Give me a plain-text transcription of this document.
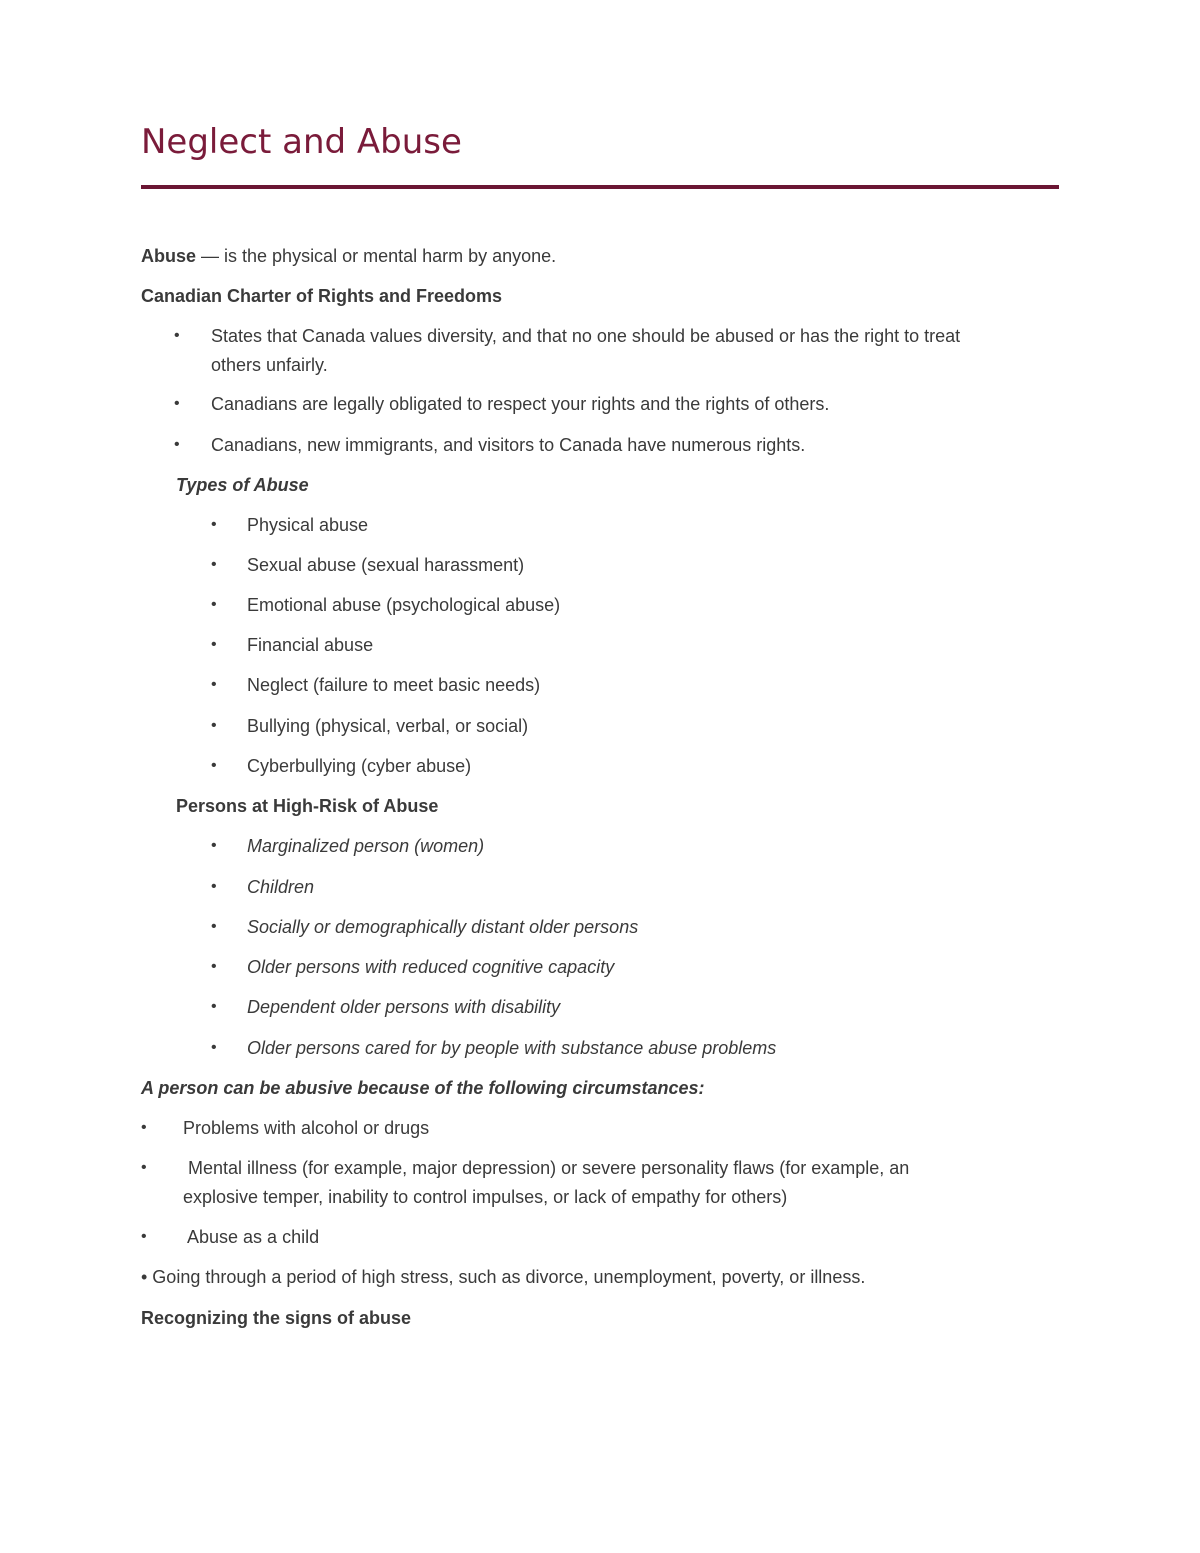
Neglect and Abuse

Abuse — is the physical or mental harm by anyone.

Canadian Charter of Rights and Freedoms

• States that Canada values diversity, and that no one should be abused or has the right to treat

others unfairly.

• Canadians are legally obligated to respect your rights and the rights of others.

• Canadians, new immigrants, and visitors to Canada have numerous rights.

Types of Abuse

• Physical abuse

• Sexual abuse (sexual harassment)

• Emotional abuse (psychological abuse)

• Financial abuse

• Neglect (failure to meet basic needs)

• Bullying (physical, verbal, or social)

• Cyberbullying (cyber abuse)

Persons at High-Risk of Abuse

• Marginalized person (women)

• Children

• Socially or demographically distant older persons

• Older persons with reduced cognitive capacity

• Dependent older persons with disability

• Older persons cared for by people with substance abuse problems

A person can be abusive because of the following circumstances:

• Problems with alcohol or drugs

• Mental illness (for example, major depression) or severe personality flaws (for example, an

explosive temper, inability to control impulses, or lack of empathy for others)

• Abuse as a child

• Going through a period of high stress, such as divorce, unemployment, poverty, or illness.

Recognizing the signs of abuse
